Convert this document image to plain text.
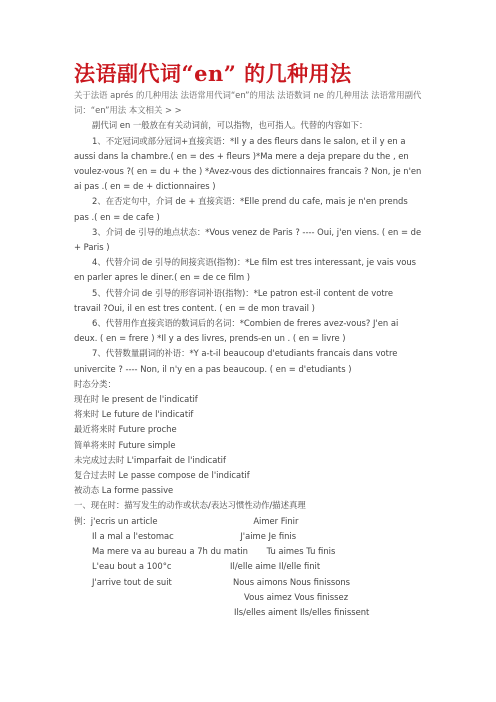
法语副代词“en” 的几种用法

关于法语 aprés 的几种用法 法语常用代词“en”的用法 法语数词 ne 的几种用法 法语常用副代词：“en”用法 本文相关 > >

副代词 en 一般放在有关动词前，可以指物，也可指人。代替的内容如下：

1、不定冠词或部分冠词+直接宾语：*Il y a des fleurs dans le salon, et il y en a aussi dans la chambre.( en = des + fleurs )*Ma mere a deja prepare du the , en voulez-vous ?( en = du + the ) *Avez-vous des dictionnaires francais ? Non, je n'en ai pas .( en = de + dictionnaires )

2、在否定句中，介词 de + 直接宾语：*Elle prend du cafe, mais je n'en prends pas .( en = de cafe )

3、介词 de 引导的地点状态：*Vous venez de Paris ? ---- Oui, j'en viens. ( en = de + Paris )

4、代替介词 de 引导的间接宾语(指物)：*Le film est tres interessant, je vais vous en parler apres le diner.( en = de ce film )

5、代替介词 de 引导的形容词补语(指物)：*Le patron est-il content de votre travail ?Oui, il en est tres content. ( en = de mon travail )

6、代替用作直接宾语的数词后的名词：*Combien de freres avez-vous? J'en ai deux. ( en = frere ) *Il y a des livres, prends-en un . ( en = livre )

7、代替数量副词的补语：*Y a-t-il beaucoup d'etudiants francais dans votre univercite ? ---- Non, il n'y en a pas beaucoup. ( en = d'etudiants )

时态分类：

现在时 le present de l'indicatif

将来时 Le future de l'indicatif

最近将来时 Future proche

简单将来时 Future simple

未完成过去时 L'imparfait de l'indicatif

复合过去时 Le passe compose de l'indicatif

被动态 La forme passive

一、现在时：描写发生的动作或状态/表达习惯性动作/描述真理

例：j'ecris un article                                    Aimer Finir

Il a mal a l'estomac                         J'aime Je finis

Ma mere va au bureau a 7h du matin       Tu aimes Tu finis

L'eau bout a 100°c                      Il/elle aime Il/elle finit

J'arrive tout de suit                       Nous aimons Nous finissons

Vous aimez Vous finissez

Ils/elles aiment Ils/elles finissent
